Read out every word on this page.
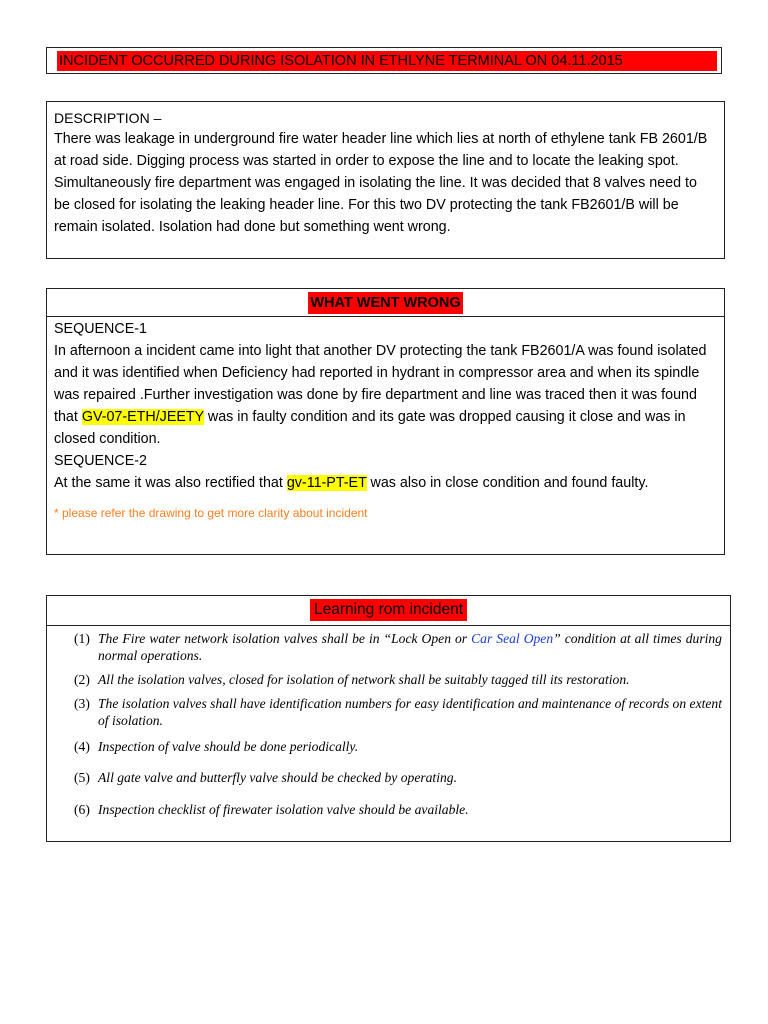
INCIDENT OCCURRED DURING ISOLATION IN ETHLYNE TERMINAL ON 04.11.2015
DESCRIPTION –
There was leakage in underground fire water header line which lies at north of ethylene tank FB 2601/B at road side. Digging process was started in order to expose the line and to locate the leaking spot. Simultaneously fire department was engaged in isolating the line. It was decided that 8 valves need to be closed for isolating the leaking header line. For this two DV protecting the tank FB2601/B will be remain isolated. Isolation had done but something went wrong.
WHAT WENT WRONG
SEQUENCE-1
In afternoon a incident came into light that another DV protecting the tank FB2601/A was found isolated and it was identified when Deficiency had reported in hydrant in compressor area and when its spindle was repaired .Further investigation was done by fire department and line was traced then it was found that GV-07-ETH/JEETY was in faulty condition and its gate was dropped causing it close and was in closed condition.
SEQUENCE-2
At the same it was also rectified that gv-11-PT-ET was also in close condition and found faulty.
* please refer the drawing to get more clarity about incident
Learning rom incident
(1) The Fire water network isolation valves shall be in “Lock Open or Car Seal Open” condition at all times during normal operations.
(2) All the isolation valves, closed for isolation of network shall be suitably tagged till its restoration.
(3) The isolation valves shall have identification numbers for easy identification and maintenance of records on extent of isolation.
(4) Inspection of valve should be done periodically.
(5) All gate valve and butterfly valve should be checked by operating.
(6) Inspection checklist of firewater isolation valve should be available.
